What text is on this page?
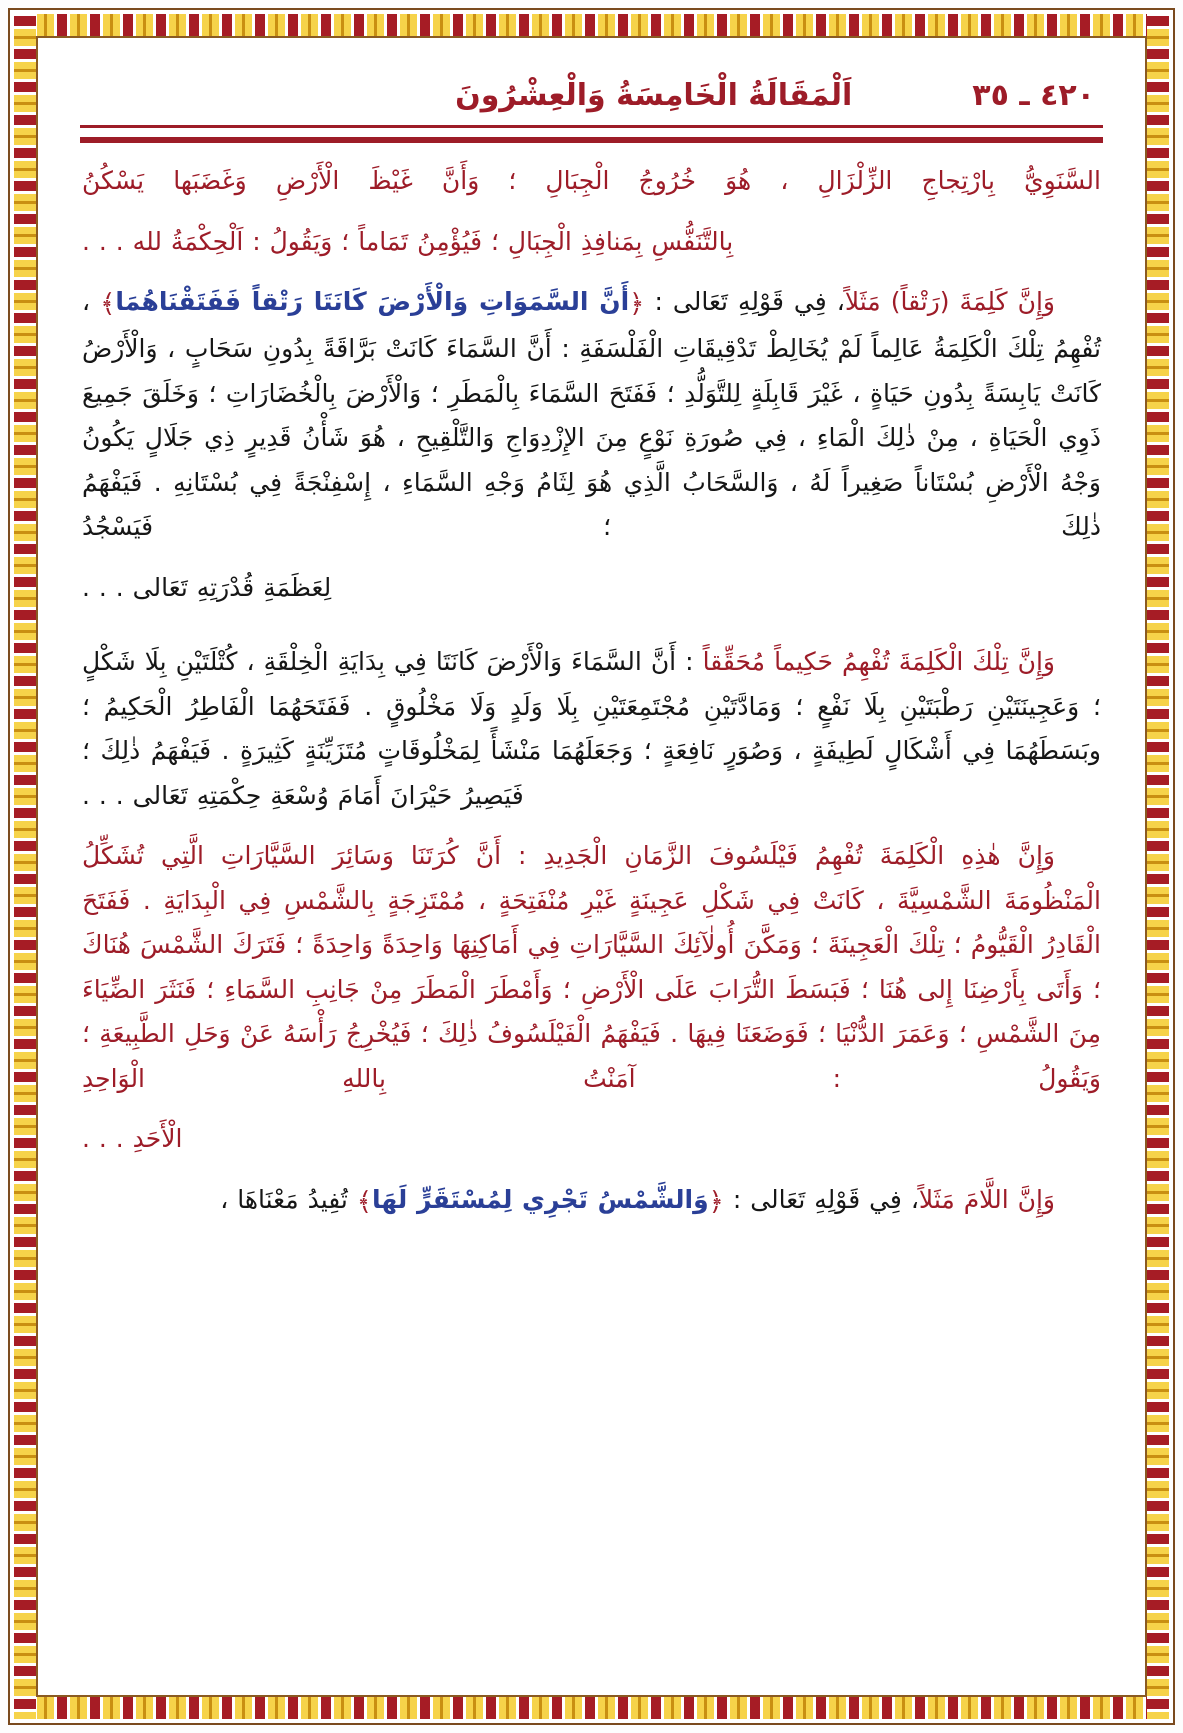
٤٢٠ ـ ٣٥
اَلْمَقَالَةُ الْخَامِسَةُ وَالْعِشْرُونَ

السَّنَوِيُّ بِارْتِجاجِ الزِّلْزَالِ ، هُوَ خُرُوجُ الْجِبَالِ ؛ وَأَنَّ غَيْظَ الْأَرْضِ وَغَضَبَها يَسْكُنُ

بِالتَّنَفُّسِ بِمَنافِذِ الْجِبَالِ ؛ فَيُؤْمِنُ تَمَاماً ؛ وَيَقُولُ : اَلْحِكْمَةُ لله . . .

وَإِنَّ كَلِمَةَ (رَتْقاً) مَثَلاً، فِي قَوْلِهِ تَعَالى : ﴿أَنَّ السَّمَوَاتِ وَالْأَرْضَ كَانَتَا رَتْقاً فَفَتَقْنَاهُمَا﴾ ، تُفْهِمُ تِلْكَ الْكَلِمَةُ عَالِماً لَمْ يُخَالِطْ تَدْقِيقَاتِ الْفَلْسَفَةِ : أَنَّ السَّمَاءَ كَانَتْ بَرَّاقَةً بِدُونِ سَحَابٍ ، وَالْأَرْضُ كَانَتْ يَابِسَةً بِدُونِ حَيَاةٍ ، غَيْرَ قَابِلَةٍ لِلتَّوَلُّدِ ؛ فَفَتَحَ السَّمَاءَ بِالْمَطَرِ ؛ وَالْأَرْضَ بِالْخُضَارَاتِ ؛ وَخَلَقَ جَمِيعَ ذَوِي الْحَيَاةِ ، مِنْ ذٰلِكَ الْمَاءِ ، فِي صُورَةِ نَوْعٍ مِنَ الإِزْدِوَاجِ وَالتَّلْقِيحِ ، هُوَ شَأْنُ قَدِيرٍ ذِي جَلَالٍ يَكُونُ وَجْهُ الْأَرْضِ بُسْتَاناً صَغِيراً لَهُ ، وَالسَّحَابُ الَّذِي هُوَ لِثَامُ وَجْهِ السَّمَاءِ ، إِسْفِنْجَةً فِي بُسْتَانِهِ . فَيَفْهَمُ ذٰلِكَ ؛ فَيَسْجُدُ

لِعَظَمَةِ قُدْرَتِهِ تَعَالى . . .

وَإِنَّ تِلْكَ الْكَلِمَةَ تُفْهِمُ حَكِيماً مُحَقِّقاً : أَنَّ السَّمَاءَ وَالْأَرْضَ كَانَتَا فِي بِدَايَةِ الْخِلْقَةِ ، كُتْلَتَيْنِ بِلَا شَكْلٍ ؛ وَعَجِينَتَيْنِ رَطْبَتَيْنِ بِلَا نَفْعٍ ؛ وَمَادَّتَيْنِ مُجْتَمِعَتَيْنِ بِلَا وَلَدٍ وَلَا مَخْلُوقٍ . فَفَتَحَهُمَا الْفَاطِرُ الْحَكِيمُ ؛ وبَسَطَهُمَا فِي أَشْكَالٍ لَطِيفَةٍ ، وَصُوَرٍ نَافِعَةٍ ؛ وَجَعَلَهُمَا مَنْشَأً لِمَخْلُوقَاتٍ مُتَزَيِّنَةٍ كَثِيرَةٍ . فَيَفْهَمُ ذٰلِكَ ؛ فَيَصِيرُ حَيْرَانَ أَمَامَ وُسْعَةِ حِكْمَتِهِ تَعَالى . . .

وَإِنَّ هٰذِهِ الْكَلِمَةَ تُفْهِمُ فَيْلَسُوفَ الزَّمَانِ الْجَدِيدِ : أَنَّ كُرَتَنَا وَسَائِرَ السَّيَّارَاتِ الَّتِي تُشَكِّلُ الْمَنْظُومَةَ الشَّمْسِيَّةَ ، كَانَتْ فِي شَكْلِ عَجِينَةٍ غَيْرِ مُنْفَتِحَةٍ ، مُمْتَزِجَةٍ بِالشَّمْسِ فِي الْبِدَايَةِ . فَفَتَحَ الْقَادِرُ الْقَيُّومُ ؛ تِلْكَ الْعَجِينَةَ ؛ وَمَكَّنَ أُولٰآئِكَ السَّيَّارَاتِ فِي أَمَاكِنِهَا وَاحِدَةً وَاحِدَةً ؛ فَتَرَكَ الشَّمْسَ هُنَاكَ ؛ وَأَتَى بِأَرْضِنَا إِلى هُنَا ؛ فَبَسَطَ التُّرَابَ عَلَى الْأَرْضِ ؛ وَأَمْطَرَ الْمَطَرَ مِنْ جَانِبِ السَّمَاءِ ؛ فَنَثَرَ الضِّيَاءَ مِنَ الشَّمْسِ ؛ وَعَمَرَ الدُّنْيَا ؛ فَوَضَعَنَا فِيهَا . فَيَفْهَمُ الْفَيْلَسُوفُ ذٰلِكَ ؛ فَيُخْرِجُ رَأْسَهُ عَنْ وَحَلِ الطَّبِيعَةِ ؛ وَيَقُولُ : آمَنْتُ بِاللهِ الْوَاحِدِ

الْأَحَدِ . . .

وَإِنَّ اللَّامَ مَثَلاً، فِي قَوْلِهِ تَعَالى : ﴿وَالشَّمْسُ تَجْرِي لِمُسْتَقَرٍّ لَهَا﴾ تُفِيدُ مَعْنَاهَا ،
